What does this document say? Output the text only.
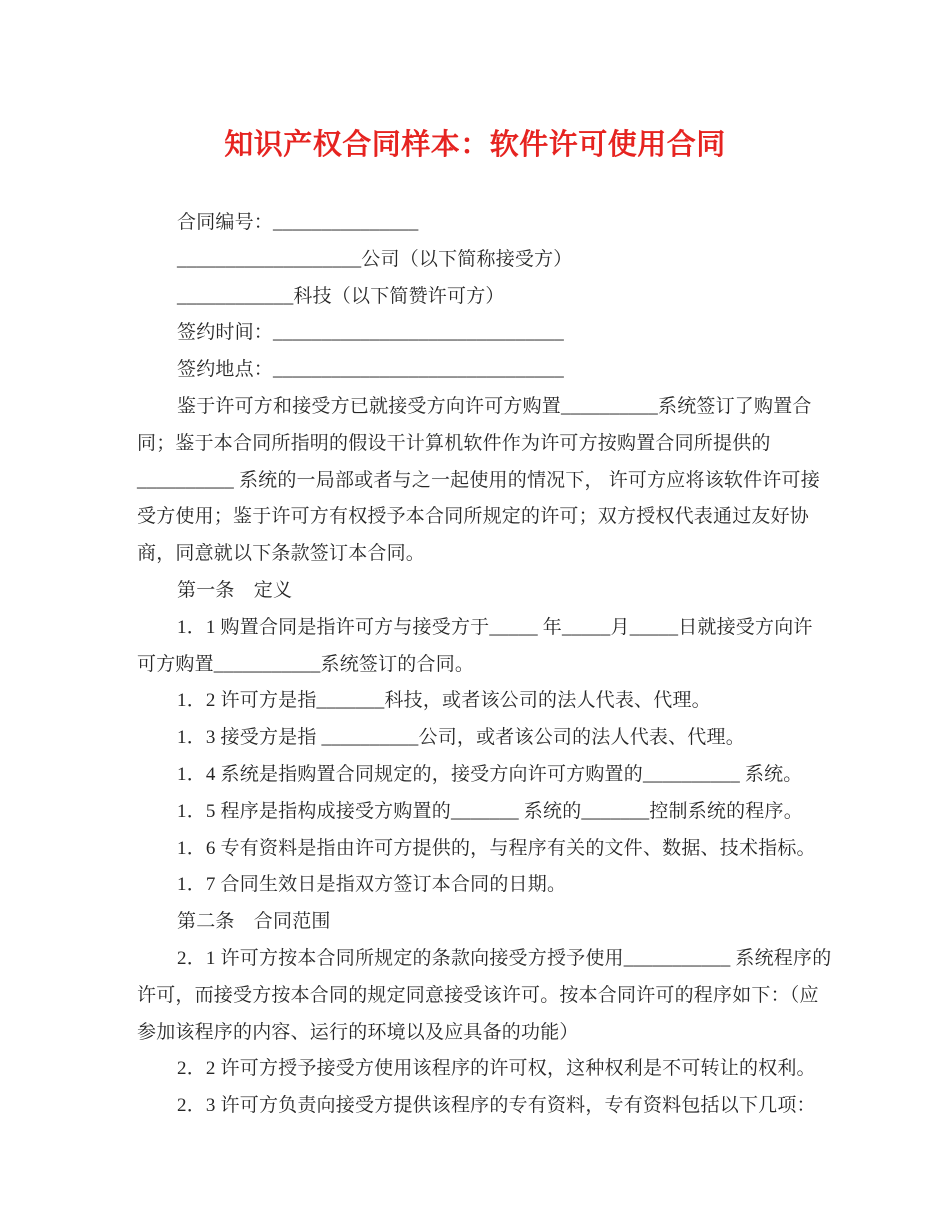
知识产权合同样本：软件许可使用合同
合同编号：_______________
___________________公司（以下简称接受方）
____________科技（以下简赞许可方）
签约时间：______________________________
签约地点：______________________________
鉴于许可方和接受方已就接受方向许可方购置__________系统签订了购置合
同；鉴于本合同所指明的假设干计算机软件作为许可方按购置合同所提供的
__________ 系统的一局部或者与之一起使用的情况下， 许可方应将该软件许可接
受方使用；鉴于许可方有权授予本合同所规定的许可；双方授权代表通过友好协
商，同意就以下条款签订本合同。
第一条　定义
1．1 购置合同是指许可方与接受方于_____ 年_____月_____日就接受方向许
可方购置___________系统签订的合同。
1．2 许可方是指_______科技，或者该公司的法人代表、代理。
1．3 接受方是指 __________公司，或者该公司的法人代表、代理。
1．4 系统是指购置合同规定的，接受方向许可方购置的__________ 系统。
1．5 程序是指构成接受方购置的_______ 系统的_______控制系统的程序。
1．6 专有资料是指由许可方提供的，与程序有关的文件、数据、技术指标。
1．7 合同生效日是指双方签订本合同的日期。
第二条　合同范围
2．1 许可方按本合同所规定的条款向接受方授予使用___________ 系统程序的
许可，而接受方按本合同的规定同意接受该许可。按本合同许可的程序如下：（应
参加该程序的内容、运行的环境以及应具备的功能）
2．2 许可方授予接受方使用该程序的许可权，这种权利是不可转让的权利。
2．3 许可方负责向接受方提供该程序的专有资料，专有资料包括以下几项：
